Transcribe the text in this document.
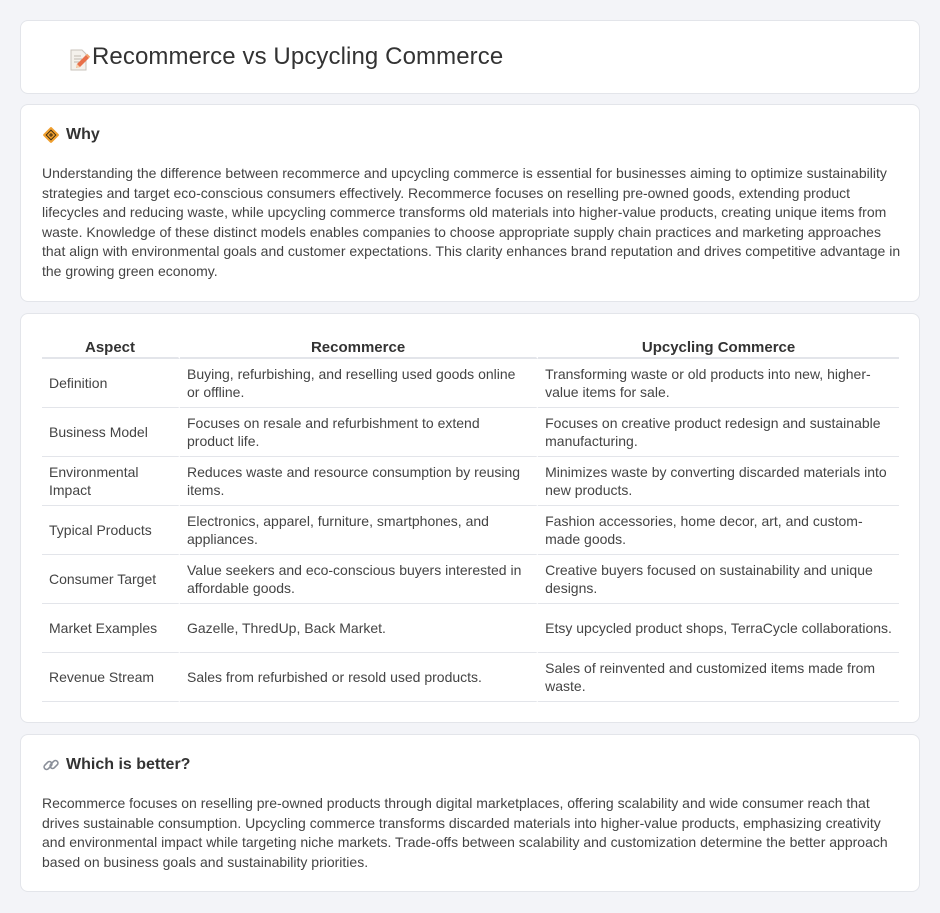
Recommerce vs Upcycling Commerce
Why

Understanding the difference between recommerce and upcycling commerce is essential for businesses aiming to optimize sustainability strategies and target eco-conscious consumers effectively. Recommerce focuses on reselling pre-owned goods, extending product lifecycles and reducing waste, while upcycling commerce transforms old materials into higher-value products, creating unique items from waste. Knowledge of these distinct models enables companies to choose appropriate supply chain practices and marketing approaches that align with environmental goals and customer expectations. This clarity enhances brand reputation and drives competitive advantage in the growing green economy.

Aspect	Recommerce	Upcycling Commerce
Definition	Buying, refurbishing, and reselling used goods online or offline.	Transforming waste or old products into new, higher-value items for sale.
Business Model	Focuses on resale and refurbishment to extend product life.	Focuses on creative product redesign and sustainable manufacturing.
Environmental Impact	Reduces waste and resource consumption by reusing items.	Minimizes waste by converting discarded materials into new products.
Typical Products	Electronics, apparel, furniture, smartphones, and appliances.	Fashion accessories, home decor, art, and custom-made goods.
Consumer Target	Value seekers and eco-conscious buyers interested in affordable goods.	Creative buyers focused on sustainability and unique designs.
Market Examples	Gazelle, ThredUp, Back Market.	Etsy upcycled product shops, TerraCycle collaborations.
Revenue Stream	Sales from refurbished or resold used products.	Sales of reinvented and customized items made from waste.
Which is better?

Recommerce focuses on reselling pre-owned products through digital marketplaces, offering scalability and wide consumer reach that drives sustainable consumption. Upcycling commerce transforms discarded materials into higher-value products, emphasizing creativity and environmental impact while targeting niche markets. Trade-offs between scalability and customization determine the better approach based on business goals and sustainability priorities.
